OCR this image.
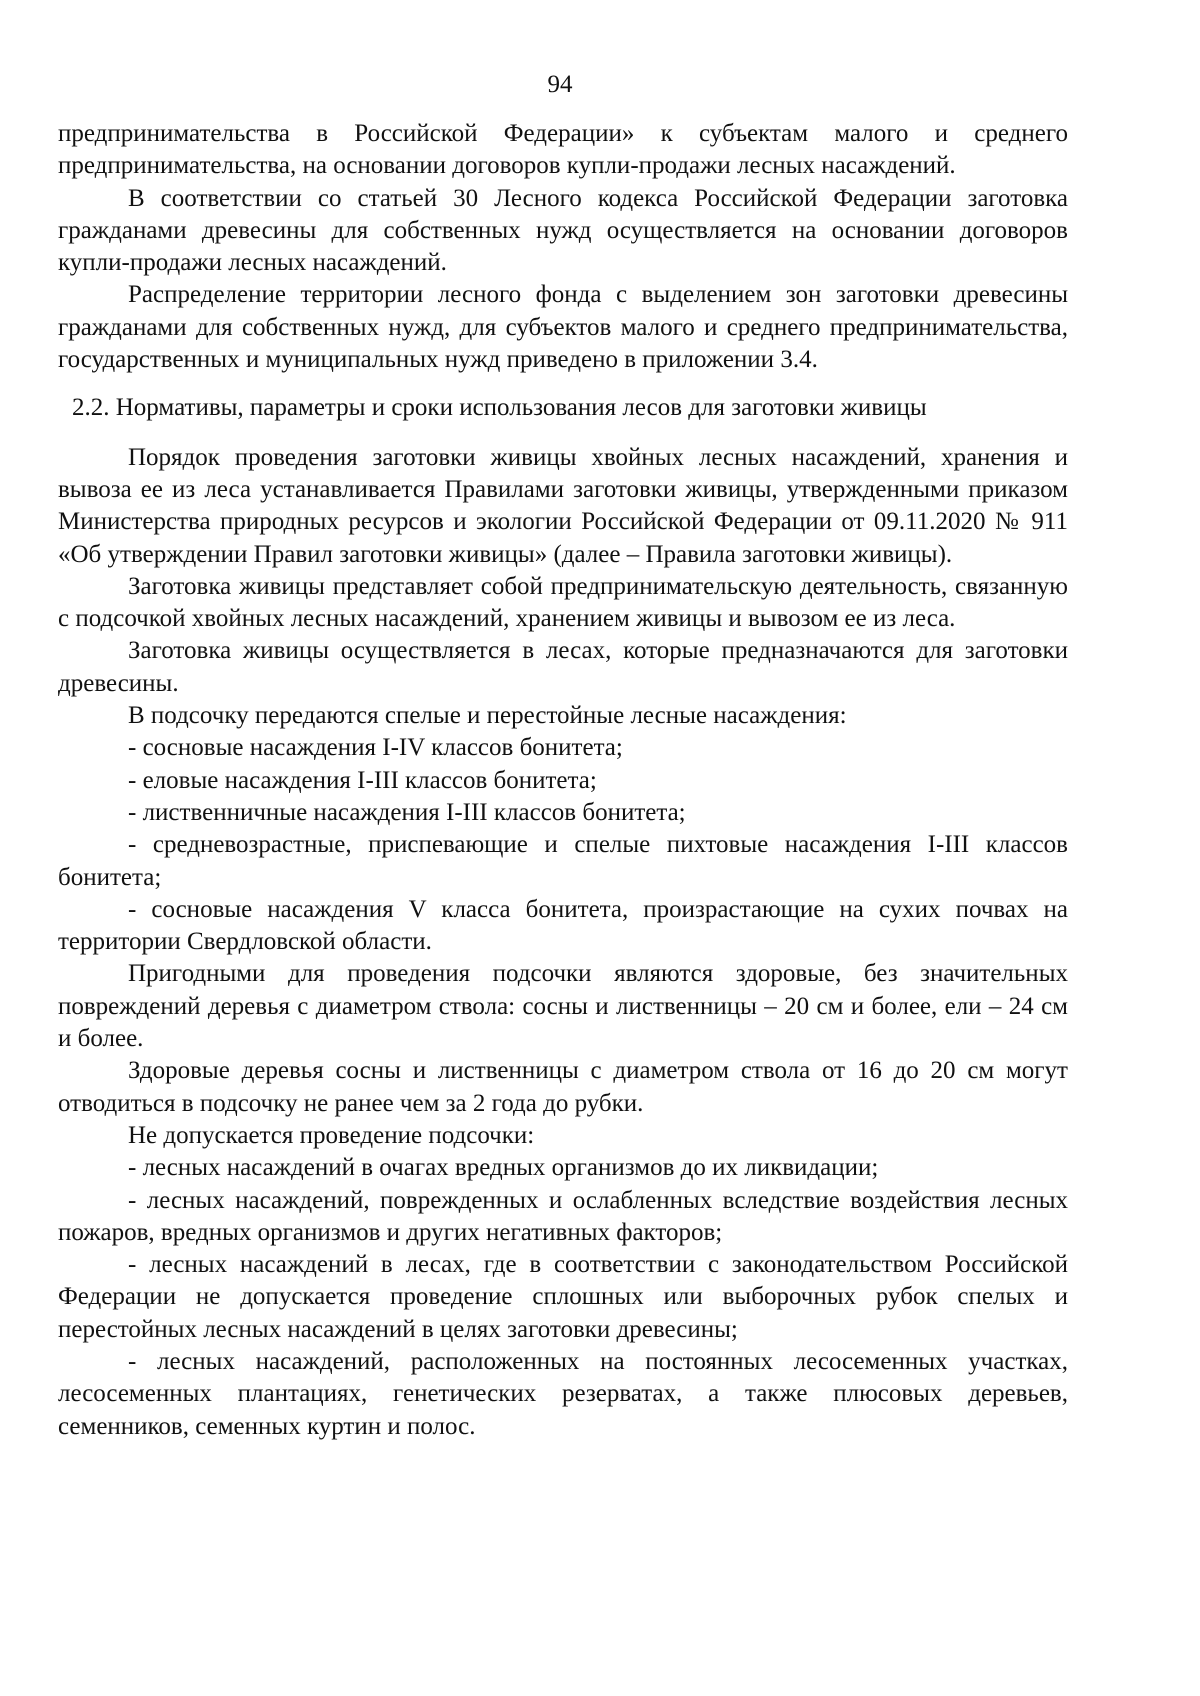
94

предпринимательства в Российской Федерации» к субъектам малого и среднего предпринимательства, на основании договоров купли-продажи лесных насаждений.

В соответствии со статьей 30 Лесного кодекса Российской Федерации заготовка гражданами древесины для собственных нужд осуществляется на основании договоров купли-продажи лесных насаждений.

Распределение территории лесного фонда с выделением зон заготовки древесины гражданами для собственных нужд, для субъектов малого и среднего предпринимательства, государственных и муниципальных нужд приведено в приложении 3.4.

2.2. Нормативы, параметры и сроки использования лесов для заготовки живицы

Порядок проведения заготовки живицы хвойных лесных насаждений, хранения и вывоза ее из леса устанавливается Правилами заготовки живицы, утвержденными приказом Министерства природных ресурсов и экологии Российской Федерации от 09.11.2020 № 911 «Об утверждении Правил заготовки живицы» (далее – Правила заготовки живицы).

Заготовка живицы представляет собой предпринимательскую деятельность, связанную с подсочкой хвойных лесных насаждений, хранением живицы и вывозом ее из леса.

Заготовка живицы осуществляется в лесах, которые предназначаются для заготовки древесины.

В подсочку передаются спелые и перестойные лесные насаждения:

- сосновые насаждения I-IV классов бонитета;

- еловые насаждения I-III классов бонитета;

- лиственничные насаждения I-III классов бонитета;

- средневозрастные, приспевающие и спелые пихтовые насаждения I-III классов бонитета;

- сосновые насаждения V класса бонитета, произрастающие на сухих почвах на территории Свердловской области.

Пригодными для проведения подсочки являются здоровые, без значительных повреждений деревья с диаметром ствола: сосны и лиственницы – 20 см и более, ели – 24 см и более.

Здоровые деревья сосны и лиственницы с диаметром ствола от 16 до 20 см могут отводиться в подсочку не ранее чем за 2 года до рубки.

Не допускается проведение подсочки:

- лесных насаждений в очагах вредных организмов до их ликвидации;

- лесных насаждений, поврежденных и ослабленных вследствие воздействия лесных пожаров, вредных организмов и других негативных факторов;

- лесных насаждений в лесах, где в соответствии с законодательством Российской Федерации не допускается проведение сплошных или выборочных рубок спелых и перестойных лесных насаждений в целях заготовки древесины;

- лесных насаждений, расположенных на постоянных лесосеменных участках, лесосеменных плантациях, генетических резерватах, а также плюсовых деревьев, семенников, семенных куртин и полос.
